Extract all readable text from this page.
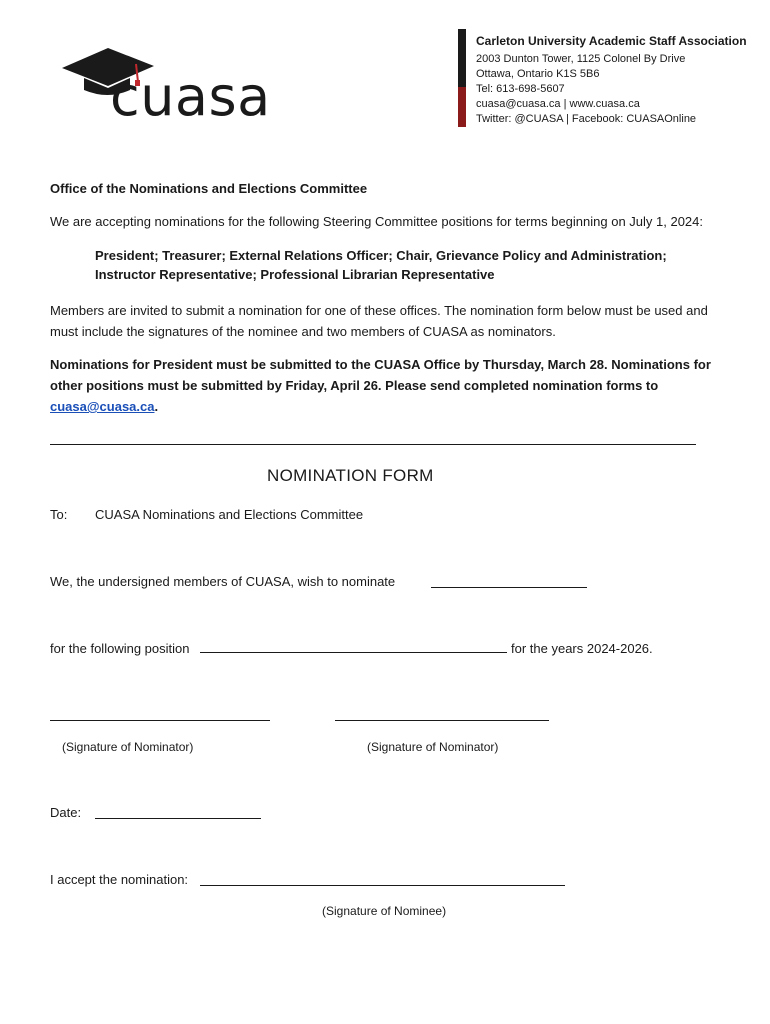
cuasa
Carleton University Academic Staff Association
2003 Dunton Tower, 1125 Colonel By Drive
Ottawa, Ontario K1S 5B6
Tel: 613-698-5607
cuasa@cuasa.ca | www.cuasa.ca
Twitter: @CUASA | Facebook: CUASAOnline
Office of the Nominations and Elections Committee
We are accepting nominations for the following Steering Committee positions for terms beginning on July 1, 2024:
President; Treasurer; External Relations Officer; Chair, Grievance Policy and Administration;
Instructor Representative; Professional Librarian Representative
Members are invited to submit a nomination for one of these offices. The nomination form below must be used and
must include the signatures of the nominee and two members of CUASA as nominators.
Nominations for President must be submitted to the CUASA Office by Thursday, March 28. Nominations for
other positions must be submitted by Friday, April 26. Please send completed nomination forms to
cuasa@cuasa.ca.
NOMINATION FORM
To: CUASA Nominations and Elections Committee
We, the undersigned members of CUASA, wish to nominate
for the following position	for the years 2024-2026.
(Signature of Nominator)	(Signature of Nominator)
Date:
I accept the nomination:
(Signature of Nominee)
